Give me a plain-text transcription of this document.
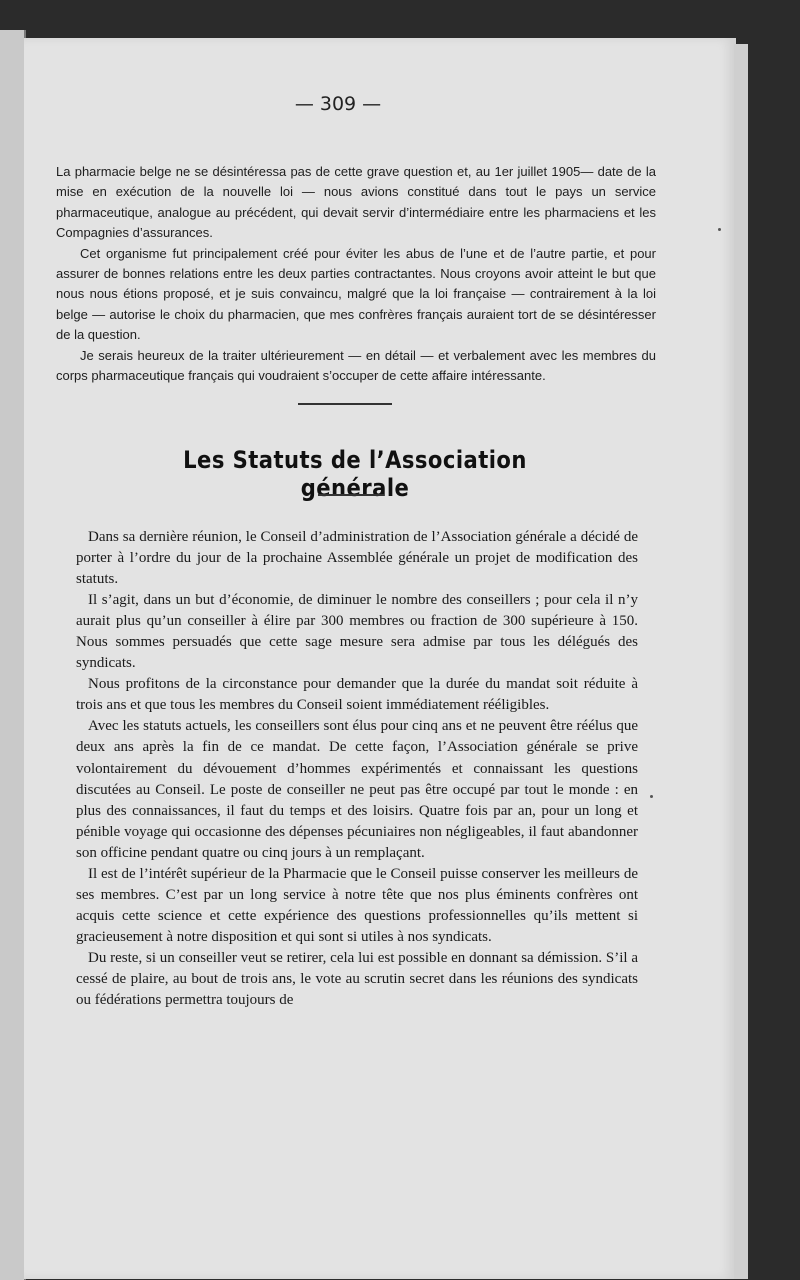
— 309 —

La pharmacie belge ne se désintéressa pas de cette grave question et, au 1er juillet 1905— date de la mise en exécution de la nouvelle loi — nous avions constitué dans tout le pays un service pharmaceutique, analogue au précédent, qui devait servir d’intermédiaire entre les pharmaciens et les Compagnies d’assurances.

Cet organisme fut principalement créé pour éviter les abus de l’une et de l’autre partie, et pour assurer de bonnes relations entre les deux parties contractantes. Nous croyons avoir atteint le but que nous nous étions proposé, et je suis convaincu, malgré que la loi française — contrairement à la loi belge — autorise le choix du pharmacien, que mes confrères français auraient tort de se désintéresser de la question.

Je serais heureux de la traiter ultérieurement — en détail — et verbalement avec les membres du corps pharmaceutique français qui voudraient s’occuper de cette affaire intéressante.

Les Statuts de l’Association générale

Dans sa dernière réunion, le Conseil d’administration de l’Association générale a décidé de porter à l’ordre du jour de la prochaine Assemblée générale un projet de modification des statuts.

Il s’agit, dans un but d’économie, de diminuer le nombre des conseillers ; pour cela il n’y aurait plus qu’un conseiller à élire par 300 membres ou fraction de 300 supérieure à 150. Nous sommes persuadés que cette sage mesure sera admise par tous les délégués des syndicats.

Nous profitons de la circonstance pour demander que la durée du mandat soit réduite à trois ans et que tous les membres du Conseil soient immédiatement rééligibles.

Avec les statuts actuels, les conseillers sont élus pour cinq ans et ne peuvent être réélus que deux ans après la fin de ce mandat. De cette façon, l’Association générale se prive volontairement du dévouement d’hommes expérimentés et connaissant les questions discutées au Conseil. Le poste de conseiller ne peut pas être occupé par tout le monde : en plus des connaissances, il faut du temps et des loisirs. Quatre fois par an, pour un long et pénible voyage qui occasionne des dépenses pécuniaires non négligeables, il faut abandonner son officine pendant quatre ou cinq jours à un remplaçant.

Il est de l’intérêt supérieur de la Pharmacie que le Conseil puisse conserver les meilleurs de ses membres. C’est par un long service à notre tête que nos plus éminents confrères ont acquis cette science et cette expérience des questions professionnelles qu’ils mettent si gracieusement à notre disposition et qui sont si utiles à nos syndicats.

Du reste, si un conseiller veut se retirer, cela lui est possible en donnant sa démission. S’il a cessé de plaire, au bout de trois ans, le vote au scrutin secret dans les réunions des syndicats ou fédérations permettra toujours de
